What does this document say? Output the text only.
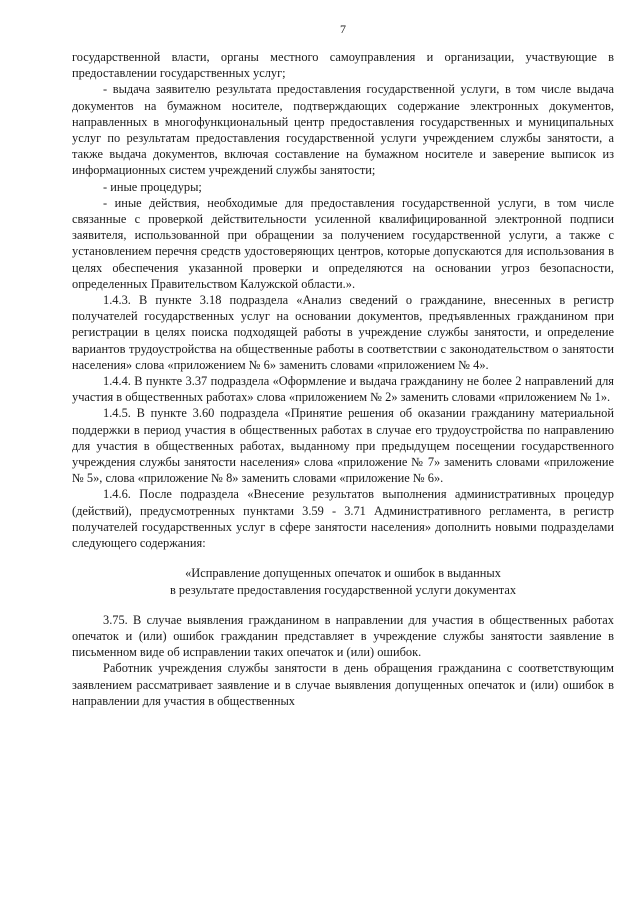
7

государственной власти, органы местного самоуправления и организации, участвующие в предоставлении государственных услуг;

- выдача заявителю результата предоставления государственной услуги, в том числе выдача документов на бумажном носителе, подтверждающих содержание электронных документов, направленных в многофункциональный центр предоставления государственных и муниципальных услуг по результатам предоставления государственной услуги учреждением службы занятости, а также выдача документов, включая составление на бумажном носителе и заверение выписок из информационных систем учреждений службы занятости;

- иные процедуры;

- иные действия, необходимые для предоставления государственной услуги, в том числе связанные с проверкой действительности усиленной квалифицированной электронной подписи заявителя, использованной при обращении за получением государственной услуги, а также с установлением перечня средств удостоверяющих центров, которые допускаются для использования в целях обеспечения указанной проверки и определяются на основании угроз безопасности, определенных Правительством Калужской области.».

1.4.3. В пункте 3.18 подраздела «Анализ сведений о гражданине, внесенных в регистр получателей государственных услуг на основании документов, предъявленных гражданином при регистрации в целях поиска подходящей работы в учреждение службы занятости, и определение вариантов трудоустройства на общественные работы в соответствии с законодательством о занятости населения» слова «приложением № 6» заменить словами «приложением № 4».

1.4.4. В пункте 3.37 подраздела «Оформление и выдача гражданину не более 2 направлений для участия в общественных работах» слова «приложением № 2» заменить словами «приложением № 1».

1.4.5. В пункте 3.60 подраздела «Принятие решения об оказании гражданину материальной поддержки в период участия в общественных работах в случае его трудоустройства по направлению для участия в общественных работах, выданному при предыдущем посещении государственного учреждения службы занятости населения» слова «приложение № 7» заменить словами «приложение № 5», слова «приложение № 8» заменить словами «приложение № 6».

1.4.6. После подраздела «Внесение результатов выполнения административных процедур (действий), предусмотренных пунктами 3.59 - 3.71 Административного регламента, в регистр получателей государственных услуг в сфере занятости населения» дополнить новыми подразделами следующего содержания:

«Исправление допущенных опечаток и ошибок в выданных
в результате предоставления государственной услуги документах

3.75. В случае выявления гражданином в направлении для участия в общественных работах опечаток и (или) ошибок гражданин представляет в учреждение службы занятости заявление в письменном виде об исправлении таких опечаток и (или) ошибок.

Работник учреждения службы занятости в день обращения гражданина с соответствующим заявлением рассматривает заявление и в случае выявления допущенных опечаток и (или) ошибок в направлении для участия в общественных
